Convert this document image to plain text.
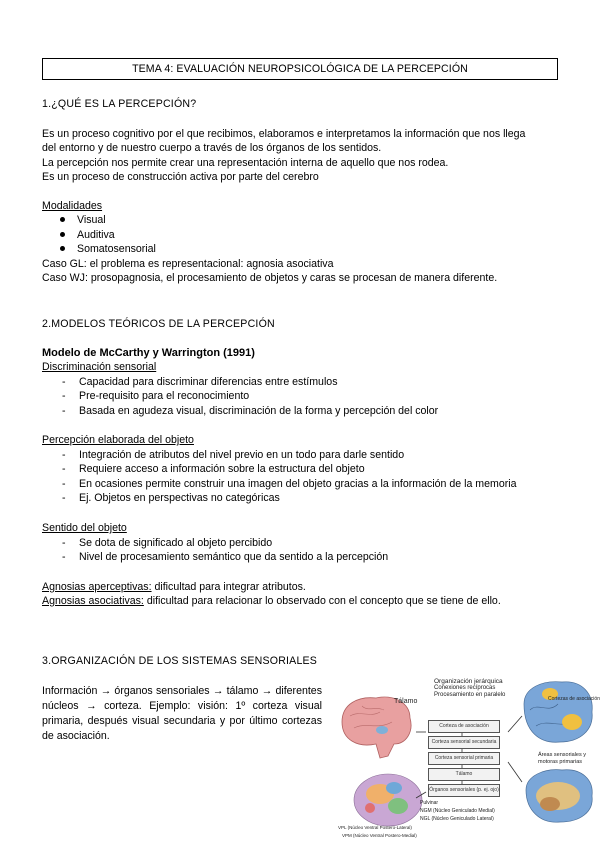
TEMA 4: EVALUACIÓN NEUROPSICOLÓGICA DE LA PERCEPCIÓN
1.¿QUÉ ES LA PERCEPCIÓN?
Es un proceso cognitivo por el que recibimos, elaboramos e interpretamos la información que nos llega
del entorno y de nuestro cuerpo a través de los órganos de los sentidos.
La percepción nos permite crear una representación interna de aquello que nos rodea.
Es un proceso de construcción activa por parte del cerebro
Modalidades
Visual
Auditiva
Somatosensorial
Caso GL: el problema es representacional: agnosia asociativa
Caso WJ: prosopagnosia, el procesamiento de objetos y caras se procesan de manera diferente.
2.MODELOS TEÓRICOS DE LA PERCEPCIÓN
Modelo de McCarthy y Warrington (1991)
Discriminación sensorial
- Capacidad para discriminar diferencias entre estímulos
- Pre-requisito para el reconocimiento
- Basada en agudeza visual, discriminación de la forma y percepción del color
Percepción elaborada del objeto
- Integración de atributos del nivel previo en un todo para darle sentido
- Requiere acceso a información sobre la estructura del objeto
- En ocasiones permite construir una imagen del objeto gracias a la información de la memoria
- Ej. Objetos en perspectivas no categóricas
Sentido del objeto
- Se dota de significado al objeto percibido
- Nivel de procesamiento semántico que da sentido a la percepción
Agnosias aperceptivas: dificultad para integrar atributos.
Agnosias asociativas: dificultad para relacionar lo observado con el concepto que se tiene de ello.
3.ORGANIZACIÓN DE LOS SISTEMAS SENSORIALES
Información → órganos sensoriales → tálamo → diferentes núcleos → corteza. Ejemplo: visión: 1º corteza visual primaria, después visual secundaria y por último cortezas de asociación.
Tálamo
Organización jerárquica
Conexiones recíprocas
Procesamiento en paralelo
Corteza de asociación
Corteza sensorial secundaria
Corteza sensorial primaria
Tálamo
Órganos sensoriales (p. ej. ojo)
Cortezas de asociación
Áreas sensoriales y
motoras primarias
Pulvinar
NGM (Núcleo Geniculado Medial)
NGL (Núcleo Geniculado Lateral)
VPL (Núcleo Ventral Postero-Lateral)
VPM (Núcleo Ventral Postero-Medial)
